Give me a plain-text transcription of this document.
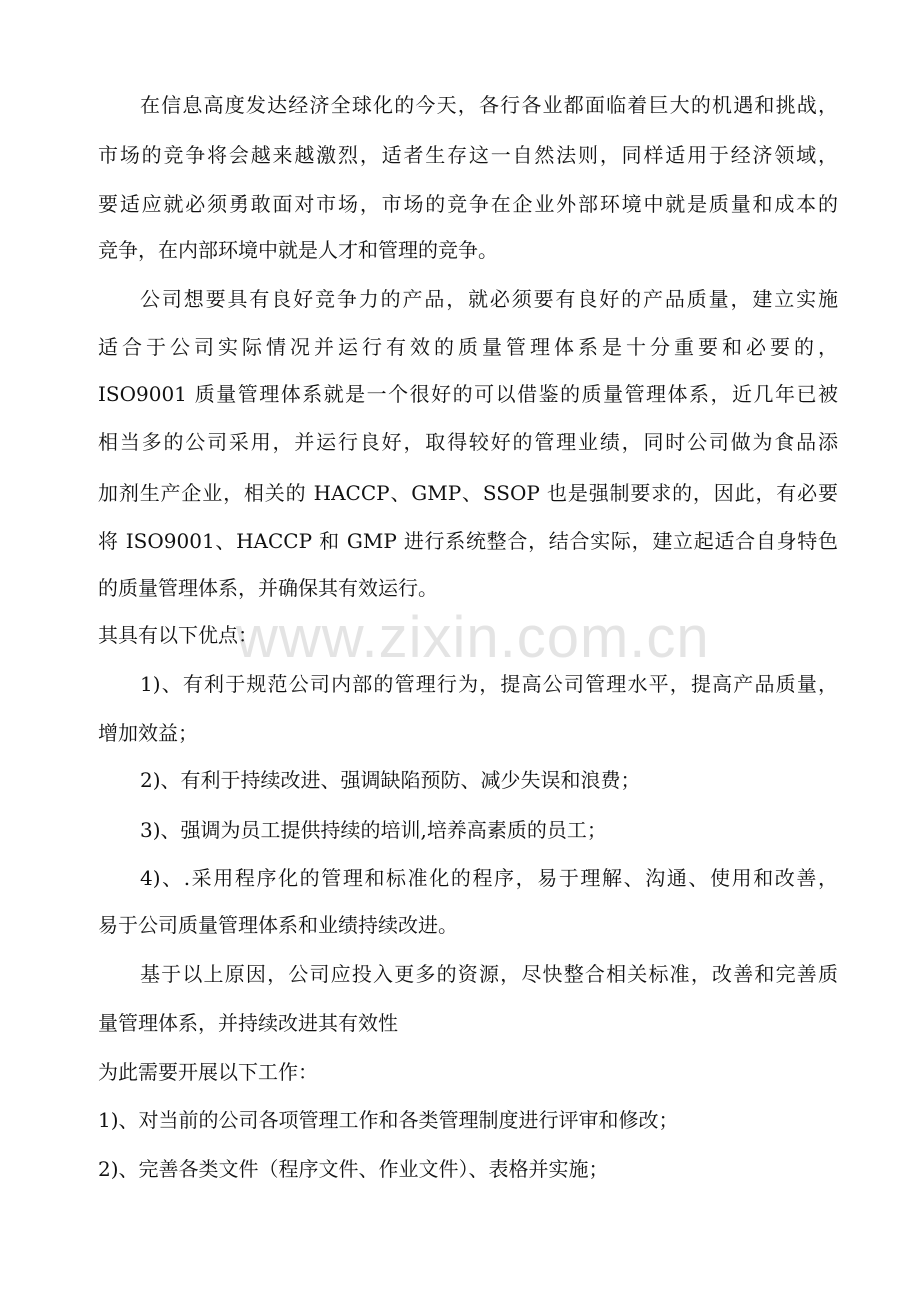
www.zixin.com.cn
在信息高度发达经济全球化的今天，各行各业都面临着巨大的机遇和挑战，
市场的竞争将会越来越激烈，适者生存这一自然法则，同样适用于经济领域，
要适应就必须勇敢面对市场，市场的竞争在企业外部环境中就是质量和成本的
竞争，在内部环境中就是人才和管理的竞争。
公司想要具有良好竞争力的产品，就必须要有良好的产品质量，建立实施
适合于公司实际情况并运行有效的质量管理体系是十分重要和必要的，
ISO9001 质量管理体系就是一个很好的可以借鉴的质量管理体系，近几年已被
相当多的公司采用，并运行良好，取得较好的管理业绩，同时公司做为食品添
加剂生产企业，相关的 HACCP、GMP、SSOP 也是强制要求的，因此，有必要
将 ISO9001、HACCP 和 GMP 进行系统整合，结合实际，建立起适合自身特色
的质量管理体系，并确保其有效运行。
其具有以下优点：
1)、有利于规范公司内部的管理行为，提高公司管理水平，提高产品质量，
增加效益；
2)、有利于持续改进、强调缺陷预防、减少失误和浪费；
3)、强调为员工提供持续的培训,培养高素质的员工；
4)、.采用程序化的管理和标准化的程序，易于理解、沟通、使用和改善，
易于公司质量管理体系和业绩持续改进。
基于以上原因，公司应投入更多的资源，尽快整合相关标准，改善和完善质
量管理体系，并持续改进其有效性
为此需要开展以下工作：
1)、对当前的公司各项管理工作和各类管理制度进行评审和修改；
2)、完善各类文件（程序文件、作业文件）、表格并实施；
